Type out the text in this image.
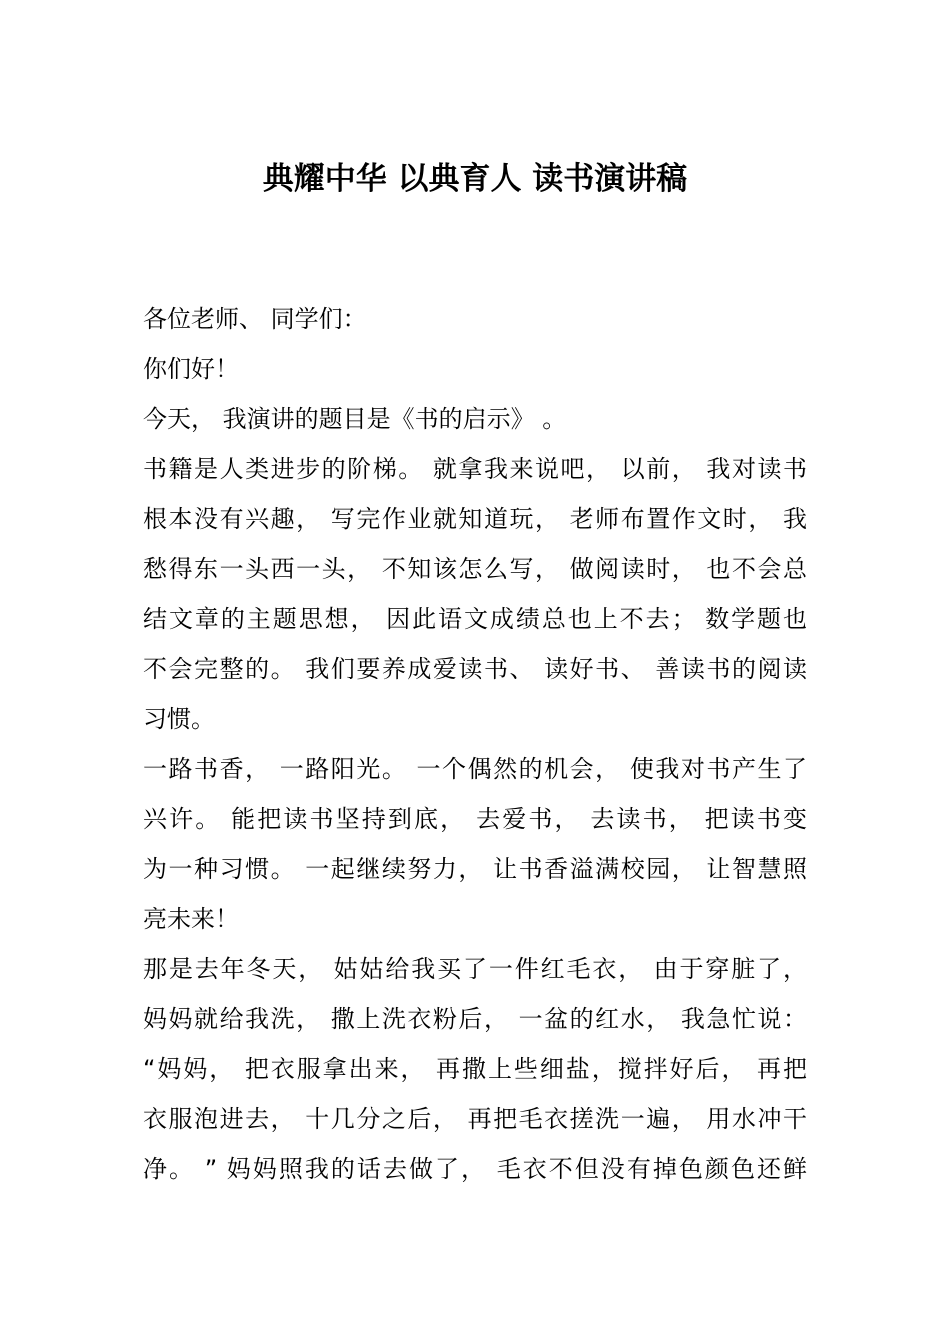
典耀中华 以典育人 读书演讲稿
各位老师、 同学们：
你们好！
今天， 我演讲的题目是《书的启示》 。
书籍是人类进步的阶梯。 就拿我来说吧， 以前， 我对读书
根本没有兴趣， 写完作业就知道玩， 老师布置作文时， 我
愁得东一头西一头， 不知该怎么写， 做阅读时， 也不会总
结文章的主题思想， 因此语文成绩总也上不去； 数学题也
不会完整的。 我们要养成爱读书、 读好书、 善读书的阅读
习惯。
一路书香， 一路阳光。 一个偶然的机会， 使我对书产生了
兴许。 能把读书坚持到底， 去爱书， 去读书， 把读书变
为一种习惯。 一起继续努力， 让书香溢满校园， 让智慧照
亮未来！
那是去年冬天， 姑姑给我买了一件红毛衣， 由于穿脏了，
妈妈就给我洗， 撒上洗衣粉后， 一盆的红水， 我急忙说：
“妈妈， 把衣服拿出来， 再撒上些细盐，搅拌好后， 再把
衣服泡进去， 十几分之后， 再把毛衣搓洗一遍， 用水冲干
净。 ” 妈妈照我的话去做了， 毛衣不但没有掉色颜色还鲜
